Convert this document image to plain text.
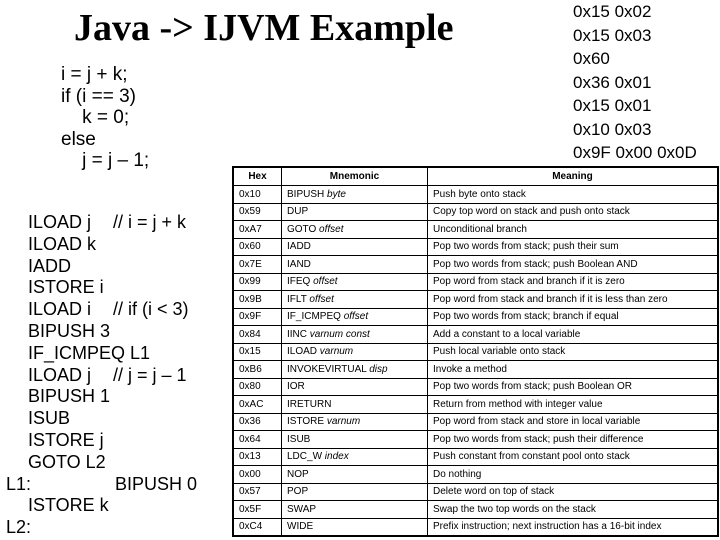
Java -> IJVM Example
i = j + k;
if (i == 3)
k = 0;
else
j = j – 1;
0x15 0x02
0x15 0x03
0x60
0x36 0x01
0x15 0x01
0x10 0x03
0x9F 0x00 0x0D
ILOAD j // i = j + k
ILOAD k
IADD
ISTORE i
ILOAD i // if (i < 3)
BIPUSH 3
IF_ICMPEQ L1
ILOAD j // j = j – 1
BIPUSH 1
ISUB
ISTORE j
GOTO L2
L1:	BIPUSH 0
ISTORE k
L2:
Hex	Mnemonic	Meaning
0x10	BIPUSH byte	Push byte onto stack
0x59	DUP	Copy top word on stack and push onto stack
0xA7	GOTO offset	Unconditional branch
0x60	IADD	Pop two words from stack; push their sum
0x7E	IAND	Pop two words from stack; push Boolean AND
0x99	IFEQ offset	Pop word from stack and branch if it is zero
0x9B	IFLT offset	Pop word from stack and branch if it is less than zero
0x9F	IF_ICMPEQ offset	Pop two words from stack; branch if equal
0x84	IINC varnum const	Add a constant to a local variable
0x15	ILOAD varnum	Push local variable onto stack
0xB6	INVOKEVIRTUAL disp	Invoke a method
0x80	IOR	Pop two words from stack; push Boolean OR
0xAC	IRETURN	Return from method with integer value
0x36	ISTORE varnum	Pop word from stack and store in local variable
0x64	ISUB	Pop two words from stack; push their difference
0x13	LDC_W index	Push constant from constant pool onto stack
0x00	NOP	Do nothing
0x57	POP	Delete word on top of stack
0x5F	SWAP	Swap the two top words on the stack
0xC4	WIDE	Prefix instruction; next instruction has a 16-bit index
